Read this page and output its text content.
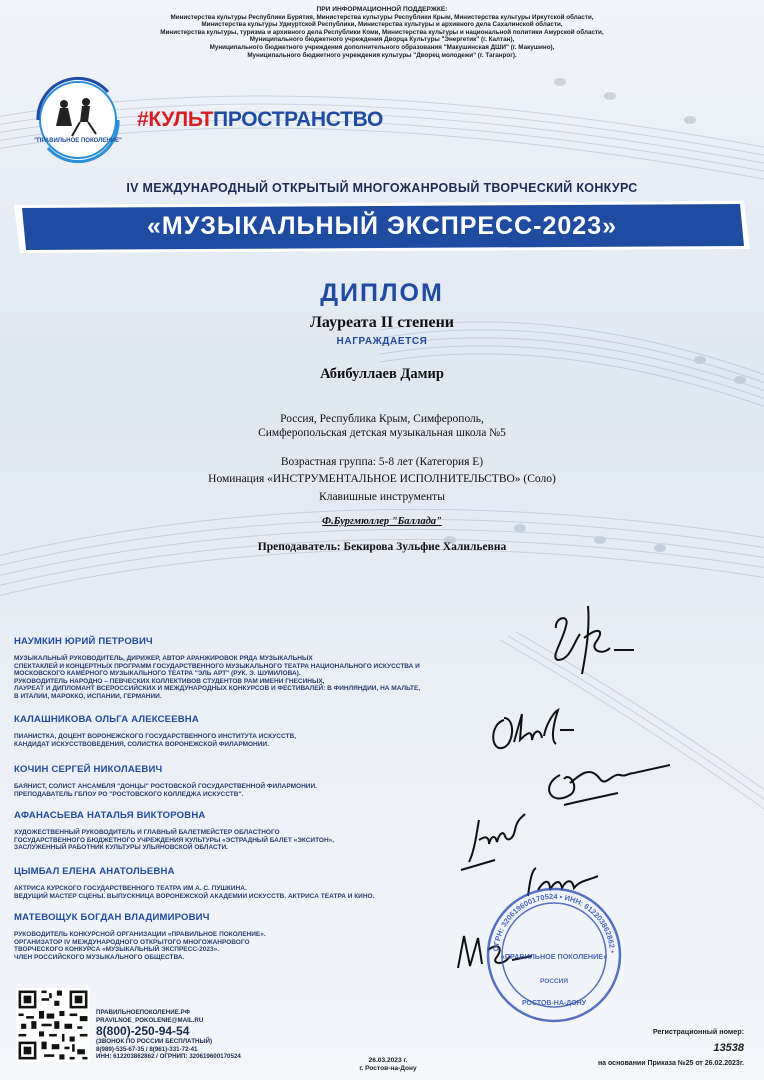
ПРИ ИНФОРМАЦИОННОЙ ПОДДЕРЖКЕ:
Министерства культуры Республики Бурятия, Министерства культуры Республики Крым, Министерства культуры Иркутской области,
Министерства культуры Удмуртской Республики, Министерства культуры и архивного дела Сахалинской области,
Министерства культуры, туризма и архивного дела Республики Коми, Министерства культуры и национальной политики Амурской области,
Муниципального бюджетного учреждения Дворца Культуры "Энергетик" (г. Калтан),
Муниципального бюджетного учреждения дополнительного образования "Макушинская ДШИ" (г. Макушино),
Муниципального бюджетного учреждения культуры "Дворец молодежи" (г. Таганрог).
"ПРАВИЛЬНОЕ ПОКОЛЕНИЕ"
#КУЛЬТПРОСТРАНСТВО
IV МЕЖДУНАРОДНЫЙ ОТКРЫТЫЙ МНОГОЖАНРОВЫЙ ТВОРЧЕСКИЙ КОНКУРС
«МУЗЫКАЛЬНЫЙ ЭКСПРЕСС-2023»
ДИПЛОМ
Лауреата II степени
НАГРАЖДАЕТСЯ
Абибуллаев Дамир
Россия, Республика Крым, Симферополь,
Симферопольская детская музыкальная школа №5
Возрастная группа: 5-8 лет (Категория Е)
Номинация «ИНСТРУМЕНТАЛЬНОЕ ИСПОЛНИТЕЛЬСТВО» (Соло)
Клавишные инструменты
Ф.Бургмюллер "Баллада"
Преподаватель: Бекирова Зульфие Халильевна
НАУМКИН ЮРИЙ ПЕТРОВИЧ
МУЗЫКАЛЬНЫЙ РУКОВОДИТЕЛЬ, ДИРИЖЕР, АВТОР АРАНЖИРОВОК РЯДА МУЗЫКАЛЬНЫХ
СПЕКТАКЛЕЙ И КОНЦЕРТНЫХ ПРОГРАММ ГОСУДАРСТВЕННОГО МУЗЫКАЛЬНОГО ТЕАТРА НАЦИОНАЛЬНОГО ИСКУССТВА И
МОСКОВСКОГО КАМЕРНОГО МУЗЫКАЛЬНОГО ТЕАТРА "ЭЛЬ АРТ" (РУК. Э. ШУМИЛОВА).
РУКОВОДИТЕЛЬ НАРОДНО – ПЕВЧЕСКИХ КОЛЛЕКТИВОВ СТУДЕНТОВ РАМ ИМЕНИ ГНЕСИНЫХ,
ЛАУРЕАТ И ДИПЛОМАНТ ВСЕРОССИЙСКИХ И МЕЖДУНАРОДНЫХ КОНКУРСОВ И ФЕСТИВАЛЕЙ: В ФИНЛЯНДИИ, НА МАЛЬТЕ,
В ИТАЛИИ, МАРОККО, ИСПАНИИ, ГЕРМАНИИ.
КАЛАШНИКОВА ОЛЬГА АЛЕКСЕЕВНА
ПИАНИСТКА, ДОЦЕНТ ВОРОНЕЖСКОГО ГОСУДАРСТВЕННОГО ИНСТИТУТА ИСКУССТВ,
КАНДИДАТ ИСКУССТВОВЕДЕНИЯ, СОЛИСТКА ВОРОНЕЖСКОЙ ФИЛАРМОНИИ.
КОЧИН СЕРГЕЙ НИКОЛАЕВИЧ
БАЯНИСТ, СОЛИСТ АНСАМБЛЯ "ДОНЦЫ" РОСТОВСКОЙ ГОСУДАРСТВЕННОЙ ФИЛАРМОНИИ.
ПРЕПОДАВАТЕЛЬ ГБПОУ РО "РОСТОВСКОГО КОЛЛЕДЖА ИСКУССТВ".
АФАНАСЬЕВА НАТАЛЬЯ ВИКТОРОВНА
ХУДОЖЕСТВЕННЫЙ РУКОВОДИТЕЛЬ И ГЛАВНЫЙ БАЛЕТМЕЙСТЕР ОБЛАСТНОГО
ГОСУДАРСТВЕННОГО БЮДЖЕТНОГО УЧРЕЖДЕНИЯ КУЛЬТУРЫ «ЭСТРАДНЫЙ БАЛЕТ «ЭКСИТОН»,
ЗАСЛУЖЕННЫЙ РАБОТНИК КУЛЬТУРЫ УЛЬЯНОВСКОЙ ОБЛАСТИ.
ЦЫМБАЛ ЕЛЕНА АНАТОЛЬЕВНА
АКТРИСА КУРСКОГО ГОСУДАРСТВЕННОГО ТЕАТРА ИМ А. С. ПУШКИНА.
ВЕДУЩИЙ МАСТЕР СЦЕНЫ. ВЫПУСКНИЦА ВОРОНЕЖСКОЙ АКАДЕМИИ ИСКУССТВ. АКТРИСА ТЕАТРА И КИНО.
МАТЕВОЩУК БОГДАН ВЛАДИМИРОВИЧ
РУКОВОДИТЕЛЬ КОНКУРСНОЙ ОРГАНИЗАЦИИ «ПРАВИЛЬНОЕ ПОКОЛЕНИЕ».
ОРГАНИЗАТОР IV МЕЖДУНАРОДНОГО ОТКРЫТОГО МНОГОЖАНРОВОГО
ТВОРЧЕСКОГО КОНКУРСА «МУЗЫКАЛЬНЫЙ ЭКСПРЕСС-2023».
ЧЛЕН РОССИЙСКОГО МУЗЫКАЛЬНОГО ОБЩЕСТВА.
ОГРН: 320619600170524 • ИНН: 612203862862 •
«ПРАВИЛЬНОЕ ПОКОЛЕНИЕ»
РОССИЯ
РОСТОВ-НА-ДОНУ
ПРАВИЛЬНОЕПОКОЛЕНИЕ.РФ
PRAVILNOE_POKOLENIE@MAIL.RU
8(800)-250-94-54
(ЗВОНОК ПО РОССИИ БЕСПЛАТНЫЙ)
8(989)-535-67-35 / 8(961)-331-72-41
ИНН: 612203862862 / ОГРНИП: 320619600170524
26.03.2023 г.
г. Ростов-на-Дону
Регистрационный номер:
13538
на основании Приказа №25 от 26.02.2023г.
